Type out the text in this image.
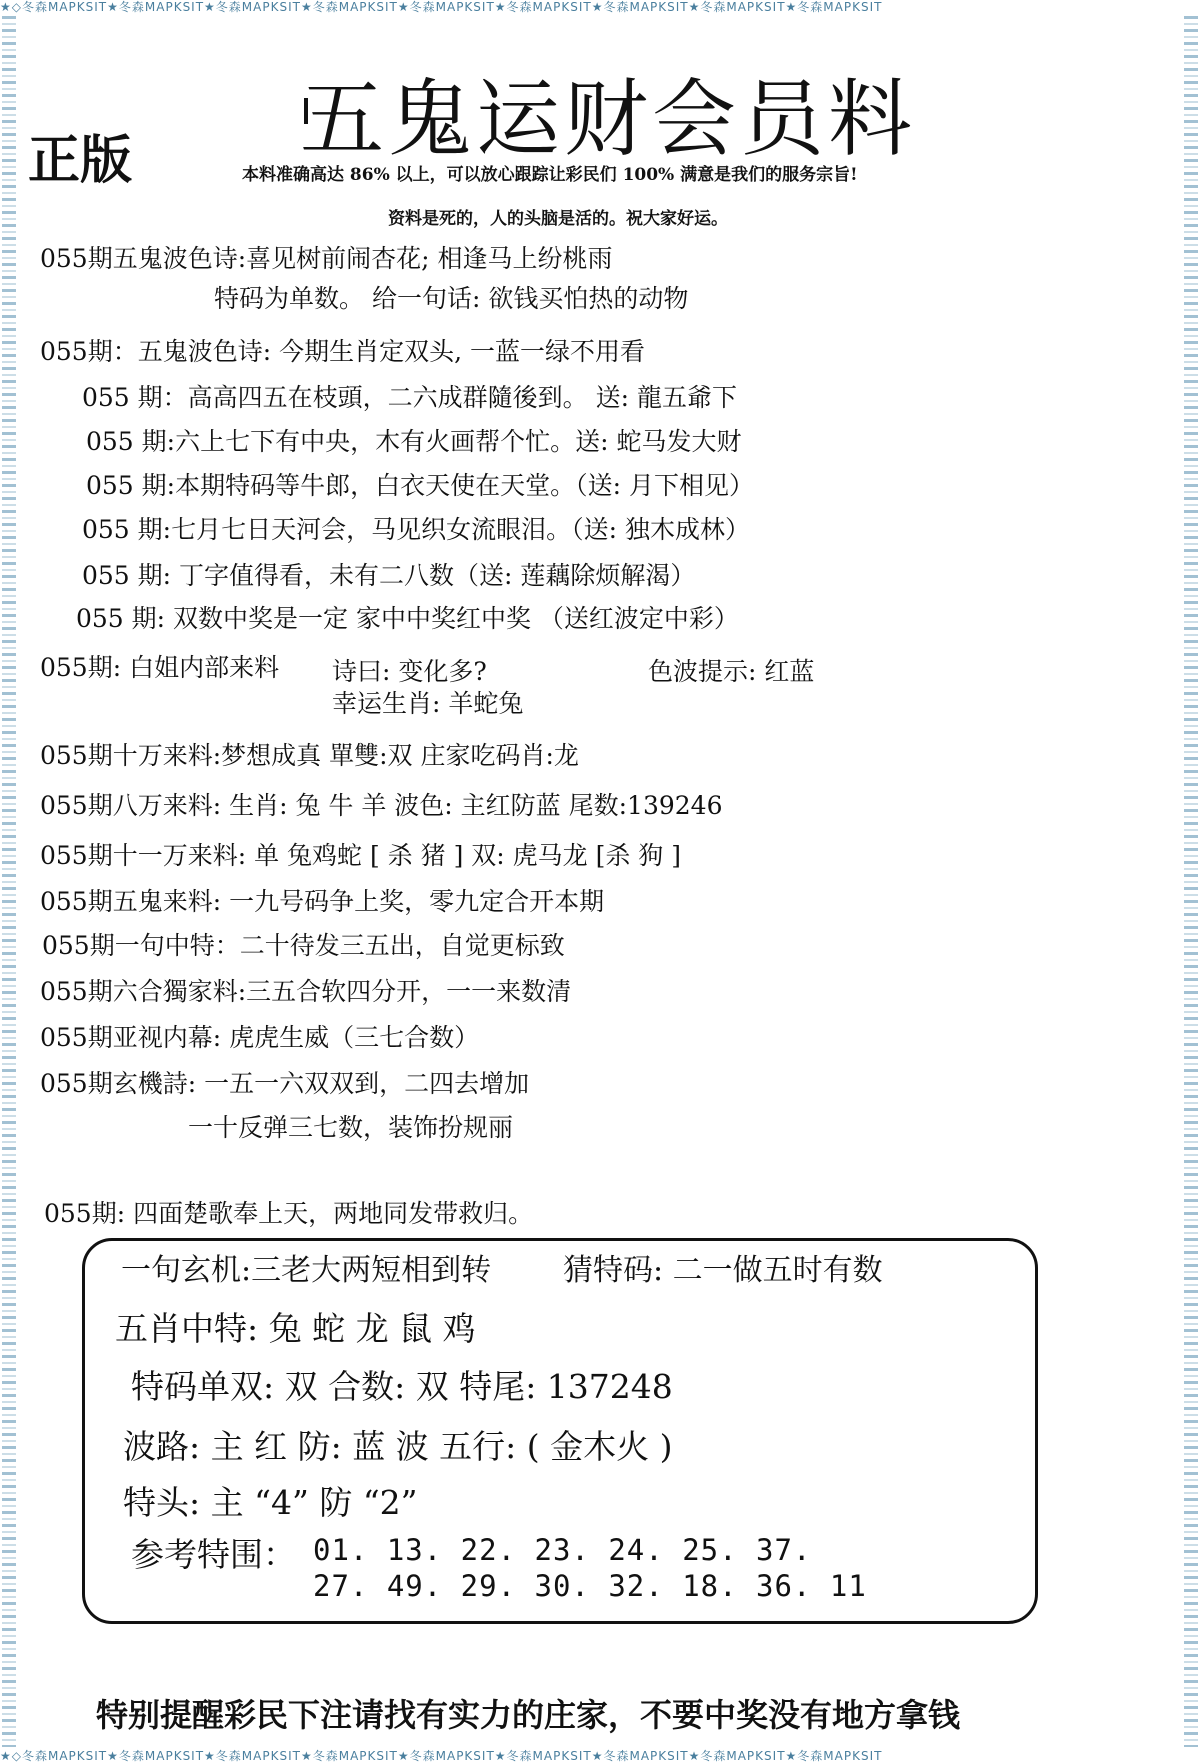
★◇冬森MAPKSIT★冬森MAPKSIT★冬森MAPKSIT★冬森MAPKSIT★冬森MAPKSIT★冬森MAPKSIT★冬森MAPKSIT★冬森MAPKSIT★冬森MAPKSIT
★◇冬森MAPKSIT★冬森MAPKSIT★冬森MAPKSIT★冬森MAPKSIT★冬森MAPKSIT★冬森MAPKSIT★冬森MAPKSIT★冬森MAPKSIT★冬森MAPKSIT
正版 五鬼运财会员料
本料准确高达 86% 以上，可以放心跟踪让彩民们 100% 满意是我们的服务宗旨!
资料是死的，人的头脑是活的。祝大家好运。
055期五鬼波色诗:喜见树前闹杏花; 相逢马上纷桃雨
特码为单数。 给一句话: 欲钱买怕热的动物
055期：五鬼波色诗: 今期生肖定双头, 一蓝一绿不用看
055 期：高高四五在枝頭，二六成群隨後到。 送: 龍五爺下
055 期:六上七下有中央，木有火画帮个忙。送: 蛇马发大财
055 期:本期特码等牛郎，白衣天使在天堂。（送: 月下相见）
055 期:七月七日天河会，马见织女流眼泪。（送: 独木成林）
055 期: 丁字值得看，未有二八数（送: 莲藕除烦解渴）
055 期: 双数中奖是一定 家中中奖红中奖 （送红波定中彩）
055期: 白姐内部来料 诗曰: 变化多?	色波提示: 红蓝
幸运生肖: 羊蛇兔
055期十万来料:梦想成真 單雙:双 庄家吃码肖:龙
055期八万来料: 生肖: 兔 牛 羊 波色: 主红防蓝 尾数:139246
055期十一万来料: 单 兔鸡蛇 [ 杀 猪 ] 双: 虎马龙 [杀 狗 ]
055期五鬼来料: 一九号码争上奖，零九定合开本期
055期一句中特：二十待发三五出，自觉更标致
055期六合獨家料:三五合软四分开，一一来数清
055期亚视内幕: 虎虎生威（三七合数）
055期玄機詩: 一五一六双双到，二四去增加
一十反弹三七数，装饰扮规丽
055期: 四面楚歌奉上天，两地同发带救归。
一句玄机:三老大两短相到转 猜特码: 二一做五时有数
五肖中特: 兔 蛇 龙 鼠 鸡
特码单双: 双 合数: 双 特尾: 137248
波路: 主 红 防: 蓝 波 五行: ( 金木火 )
特头: 主 “4” 防 “2”
参考特围： 01. 13. 22. 23. 24. 25. 37.
27. 49. 29. 30. 32. 18. 36. 11
特别提醒彩民下注请找有实力的庄家，不要中奖没有地方拿钱
